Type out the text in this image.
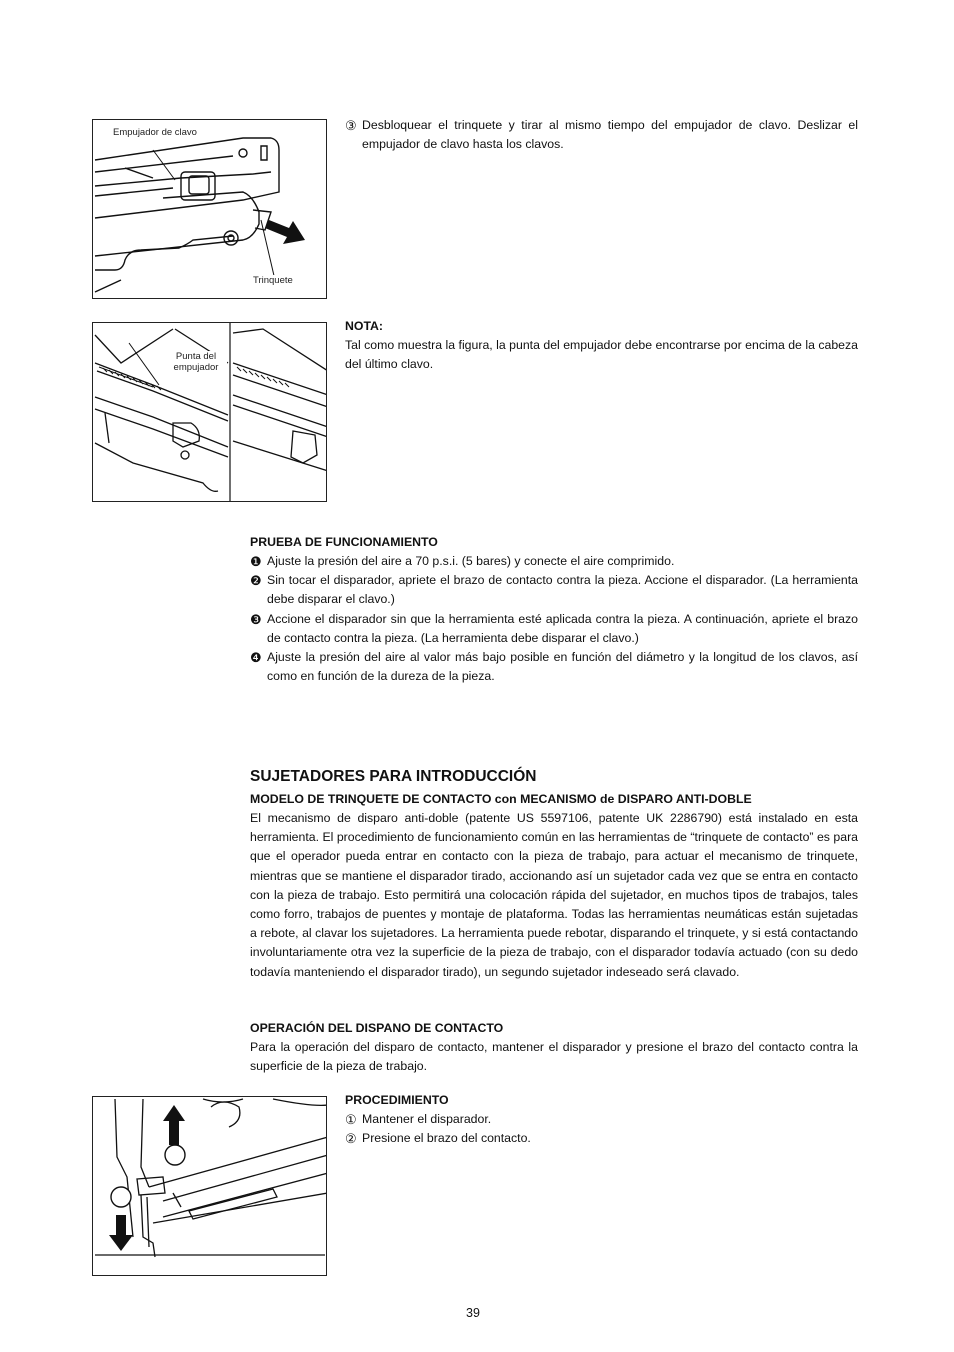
Empujador de clavo
Trinquete
③ Desbloquear el trinquete y tirar al mismo tiempo del empujador de clavo. Deslizar el empujador de clavo hasta los clavos.
Punta del empujador
NOTA:
Tal como muestra la figura, la punta del empujador debe encontrarse por encima de la cabeza del último clavo.
PRUEBA DE FUNCIONAMIENTO
❶ Ajuste la presión del aire a 70 p.s.i. (5 bares) y conecte el aire comprimido.
❷ Sin tocar el disparador, apriete el brazo de contacto contra la pieza. Accione el disparador. (La herramienta debe disparar el clavo.)
❸ Accione el disparador sin que la herramienta esté aplicada contra la pieza. A continuación, apriete el brazo de contacto contra la pieza. (La herramienta debe disparar el clavo.)
❹ Ajuste la presión del aire al valor más bajo posible en función del diámetro y la longitud de los clavos, así como en función de la dureza de la pieza.
SUJETADORES PARA INTRODUCCIÓN
MODELO DE TRINQUETE DE CONTACTO con MECANISMO de DISPARO ANTI-DOBLE
El mecanismo de disparo anti-doble (patente US 5597106, patente UK 2286790) está instalado en esta herramienta. El procedimiento de funcionamiento común en las herramientas de “trinquete de contacto” es para que el operador pueda entrar en contacto con la pieza de trabajo, para actuar el mecanismo de trinquete, mientras que se mantiene el disparador tirado, accionando así un sujetador cada vez que se entra en contacto con la pieza de trabajo. Esto permitirá una colocación rápida del sujetador, en muchos tipos de trabajos, tales como forro, trabajos de puentes y montaje de plataforma. Todas las herramientas neumáticas están sujetadas a rebote, al clavar los sujetadores. La herramienta puede rebotar, disparando el trinquete, y si está contactando involuntariamente otra vez la superficie de la pieza de trabajo, con el disparador todavía actuado (con su dedo todavía manteniendo el disparador tirado), un segundo sujetador indeseado será clavado.
OPERACIÓN DEL DISPANO DE CONTACTO
Para la operación del disparo de contacto, mantener el disparador y presione el brazo del contacto contra la superficie de la pieza de trabajo.
PROCEDIMIENTO
① Mantener el disparador.
② Presione el brazo del contacto.
39
